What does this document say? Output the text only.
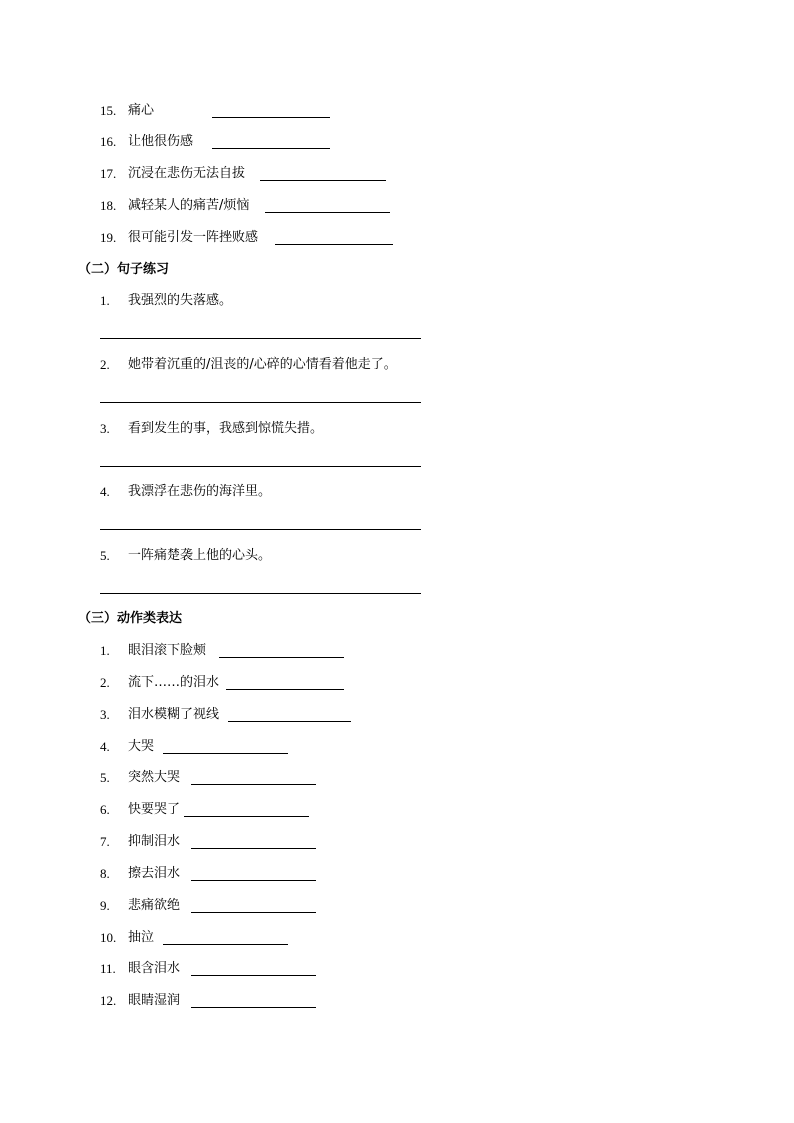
15. 痛心
16. 让他很伤感
17. 沉浸在悲伤无法自拔
18. 减轻某人的痛苦/烦恼
19. 很可能引发一阵挫败感
（二）句子练习
1.	我强烈的失落感。
2.	她带着沉重的/沮丧的/心碎的心情看着他走了。
3.	看到发生的事，我感到惊慌失措。
4.	我漂浮在悲伤的海洋里。
5.	一阵痛楚袭上他的心头。
（三）动作类表达
1.	眼泪滚下脸颊
2.	流下……的泪水
3.	泪水模糊了视线
4.	大哭
5.	突然大哭
6.	快要哭了
7.	抑制泪水
8.	擦去泪水
9.	悲痛欲绝
10. 抽泣
11. 眼含泪水
12. 眼睛湿润
